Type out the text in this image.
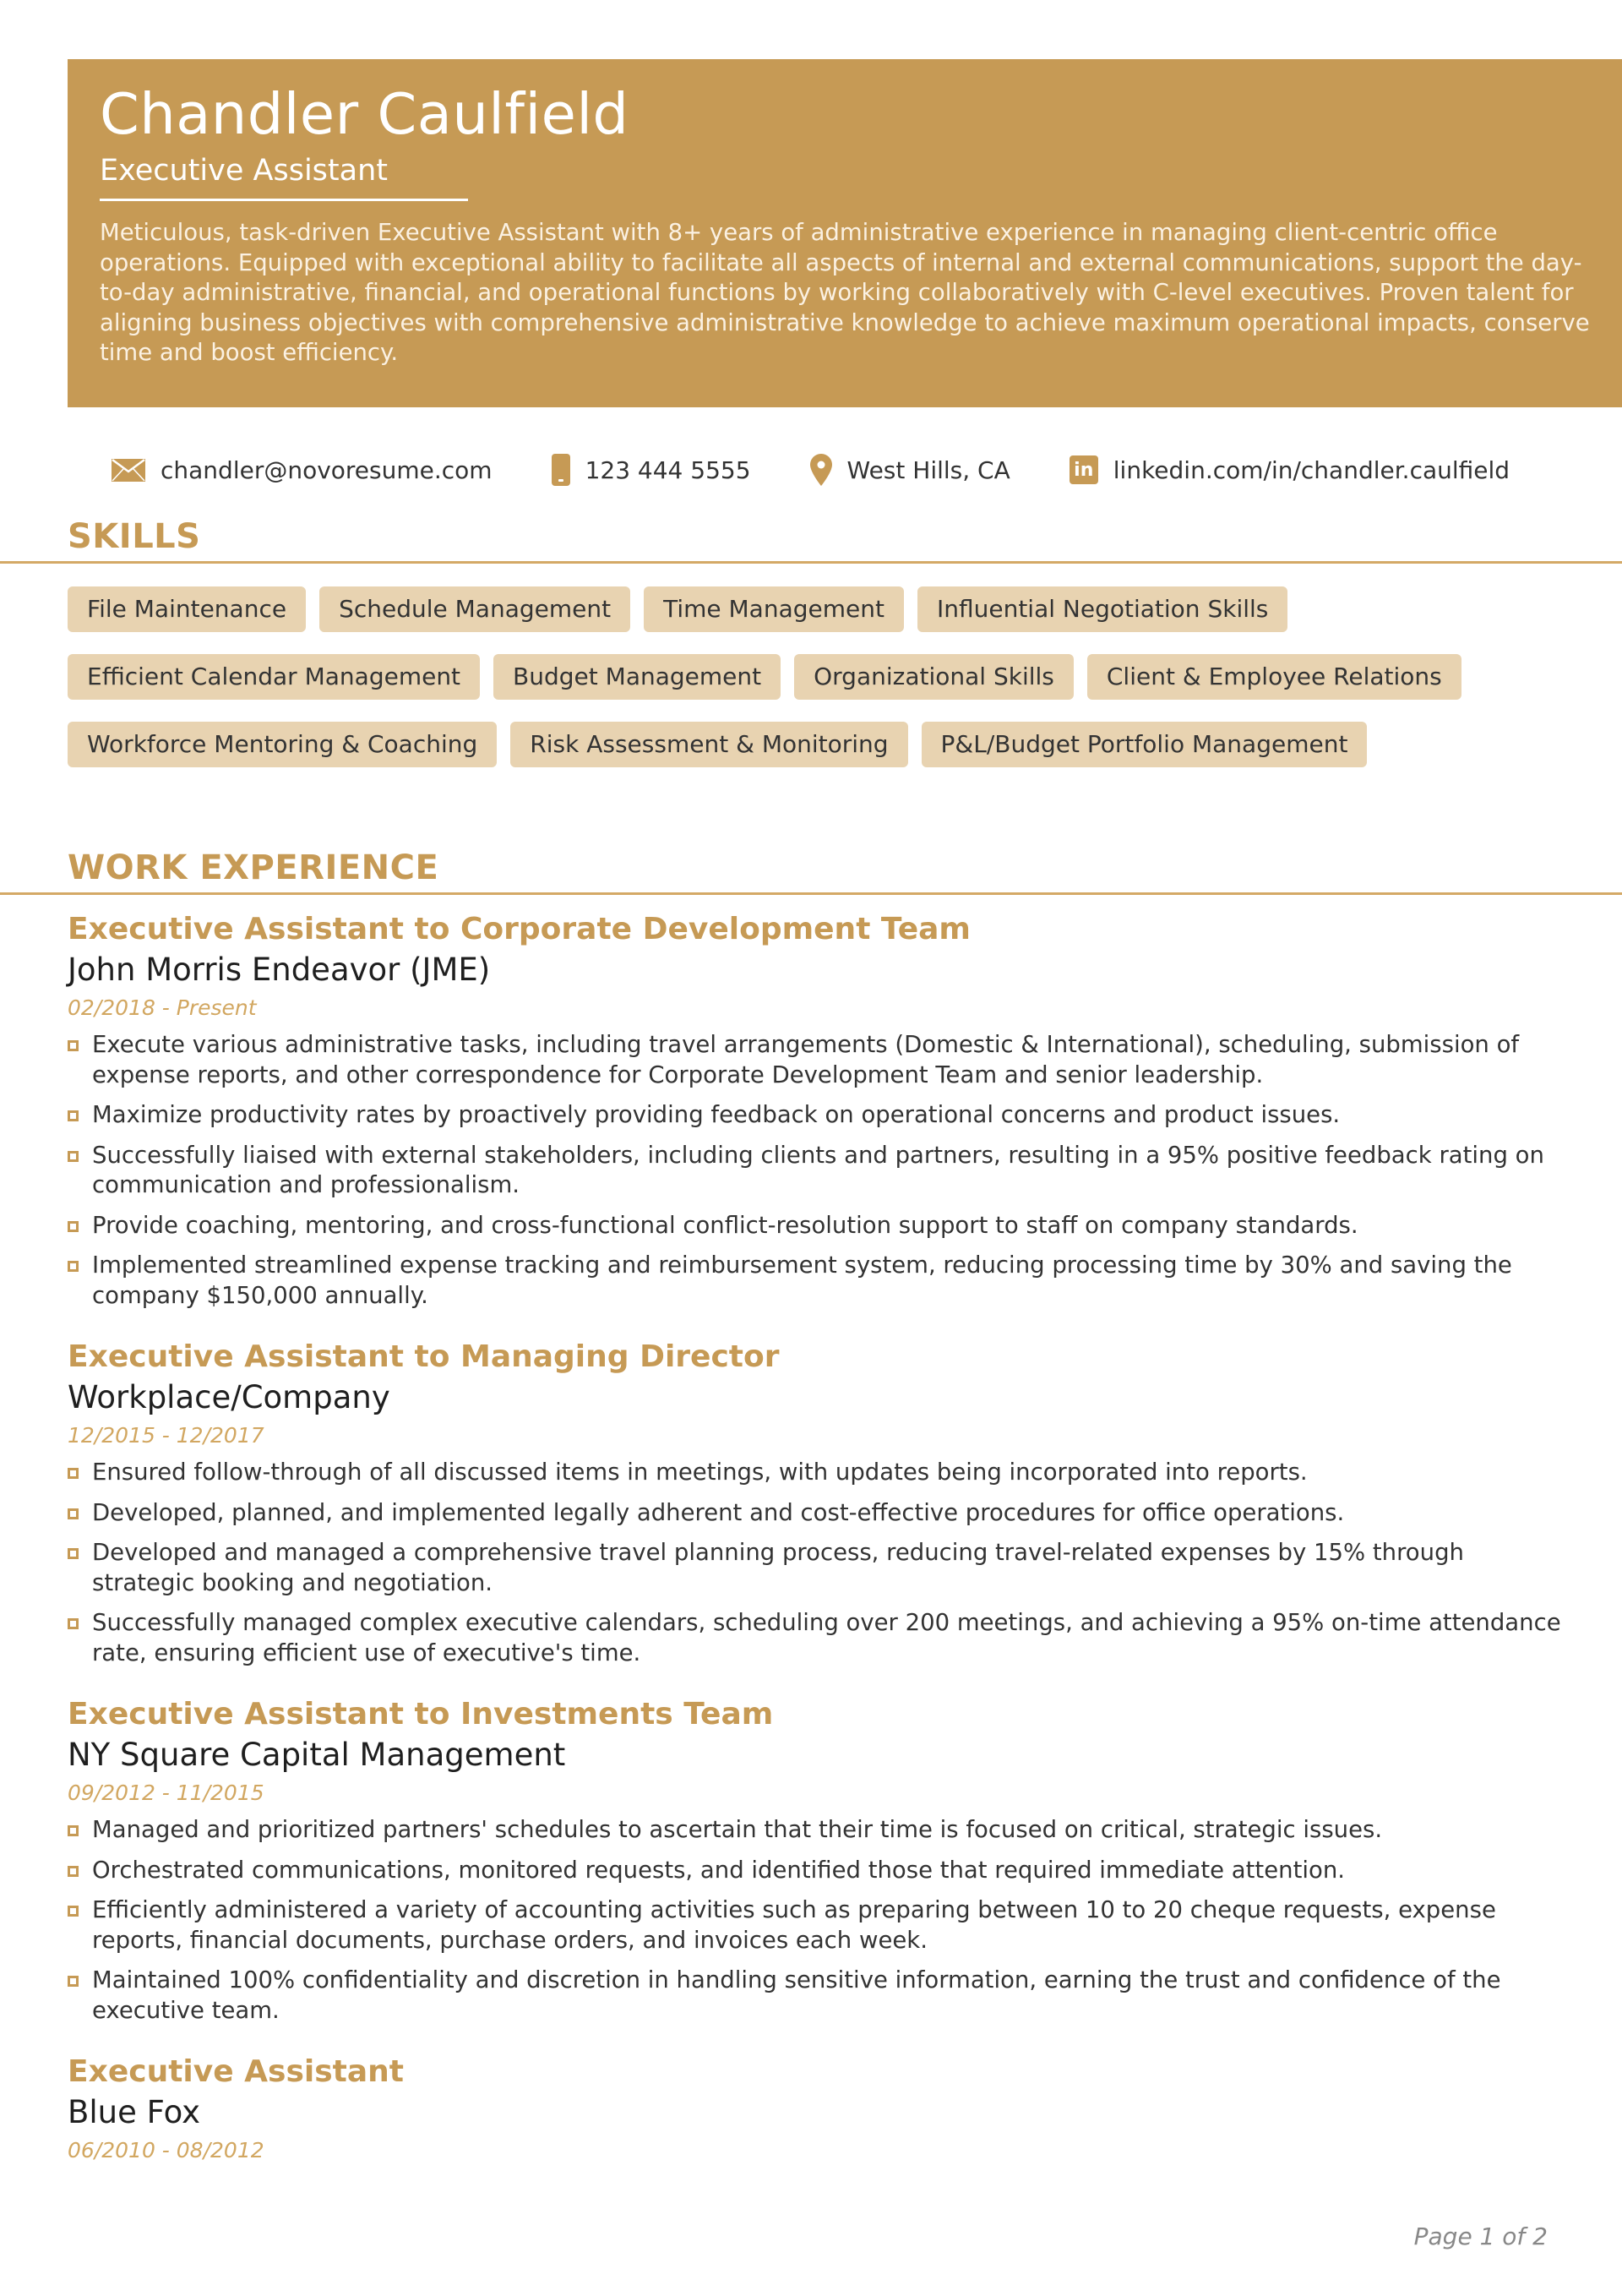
Chandler Caulfield
Executive Assistant
Meticulous, task-driven Executive Assistant with 8+ years of administrative experience in managing client-centric office operations. Equipped with exceptional ability to facilitate all aspects of internal and external communications, support the day-to-day administrative, financial, and operational functions by working collaboratively with C-level executives. Proven talent for aligning business objectives with comprehensive administrative knowledge to achieve maximum operational impacts, conserve time and boost efficiency.
chandler@novoresume.com	123 444 5555	West Hills, CA	in linkedin.com/in/chandler.caulfield
SKILLS
File Maintenance	Schedule Management	Time Management	Influential Negotiation Skills
Efficient Calendar Management	Budget Management	Organizational Skills	Client & Employee Relations
Workforce Mentoring & Coaching	Risk Assessment & Monitoring	P&L/Budget Portfolio Management
WORK EXPERIENCE
Executive Assistant to Corporate Development Team
John Morris Endeavor (JME)
02/2018 - Present
Execute various administrative tasks, including travel arrangements (Domestic & International), scheduling, submission of expense reports, and other correspondence for Corporate Development Team and senior leadership.
Maximize productivity rates by proactively providing feedback on operational concerns and product issues.
Successfully liaised with external stakeholders, including clients and partners, resulting in a 95% positive feedback rating on communication and professionalism.
Provide coaching, mentoring, and cross-functional conflict-resolution support to staff on company standards.
Implemented streamlined expense tracking and reimbursement system, reducing processing time by 30% and saving the company $150,000 annually.
Executive Assistant to Managing Director
Workplace/Company
12/2015 - 12/2017
Ensured follow-through of all discussed items in meetings, with updates being incorporated into reports.
Developed, planned, and implemented legally adherent and cost-effective procedures for office operations.
Developed and managed a comprehensive travel planning process, reducing travel-related expenses by 15% through strategic booking and negotiation.
Successfully managed complex executive calendars, scheduling over 200 meetings, and achieving a 95% on-time attendance rate, ensuring efficient use of executive's time.
Executive Assistant to Investments Team
NY Square Capital Management
09/2012 - 11/2015
Managed and prioritized partners' schedules to ascertain that their time is focused on critical, strategic issues.
Orchestrated communications, monitored requests, and identified those that required immediate attention.
Efficiently administered a variety of accounting activities such as preparing between 10 to 20 cheque requests, expense reports, financial documents, purchase orders, and invoices each week.
Maintained 100% confidentiality and discretion in handling sensitive information, earning the trust and confidence of the executive team.
Executive Assistant
Blue Fox
06/2010 - 08/2012
Page 1 of 2
